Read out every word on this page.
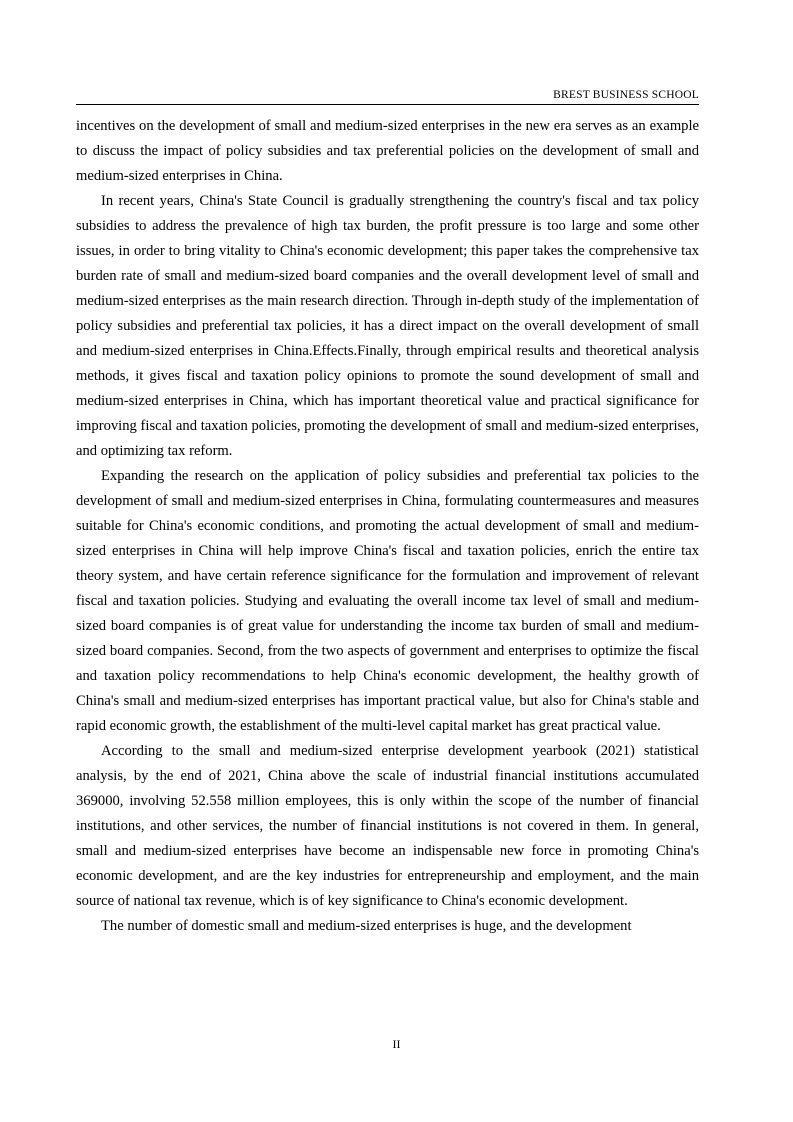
BREST BUSINESS SCHOOL

incentives on the development of small and medium-sized enterprises in the new era serves as an example to discuss the impact of policy subsidies and tax preferential policies on the development of small and medium-sized enterprises in China.

In recent years, China's State Council is gradually strengthening the country's fiscal and tax policy subsidies to address the prevalence of high tax burden, the profit pressure is too large and some other issues, in order to bring vitality to China's economic development; this paper takes the comprehensive tax burden rate of small and medium-sized board companies and the overall development level of small and medium-sized enterprises as the main research direction. Through in-depth study of the implementation of policy subsidies and preferential tax policies, it has a direct impact on the overall development of small and medium-sized enterprises in China.Effects.Finally, through empirical results and theoretical analysis methods, it gives fiscal and taxation policy opinions to promote the sound development of small and medium-sized enterprises in China, which has important theoretical value and practical significance for improving fiscal and taxation policies, promoting the development of small and medium-sized enterprises, and optimizing tax reform.

Expanding the research on the application of policy subsidies and preferential tax policies to the development of small and medium-sized enterprises in China, formulating countermeasures and measures suitable for China's economic conditions, and promoting the actual development of small and medium-sized enterprises in China will help improve China's fiscal and taxation policies, enrich the entire tax theory system, and have certain reference significance for the formulation and improvement of relevant fiscal and taxation policies. Studying and evaluating the overall income tax level of small and medium-sized board companies is of great value for understanding the income tax burden of small and medium-sized board companies. Second, from the two aspects of government and enterprises to optimize the fiscal and taxation policy recommendations to help China's economic development, the healthy growth of China's small and medium-sized enterprises has important practical value, but also for China's stable and rapid economic growth, the establishment of the multi-level capital market has great practical value.

According to the small and medium-sized enterprise development yearbook (2021) statistical analysis, by the end of 2021, China above the scale of industrial financial institutions accumulated 369000, involving 52.558 million employees, this is only within the scope of the number of financial institutions, and other services, the number of financial institutions is not covered in them. In general, small and medium-sized enterprises have become an indispensable new force in promoting China's economic development, and are the key industries for entrepreneurship and employment, and the main source of national tax revenue, which is of key significance to China's economic development.

The number of domestic small and medium-sized enterprises is huge, and the development

II
